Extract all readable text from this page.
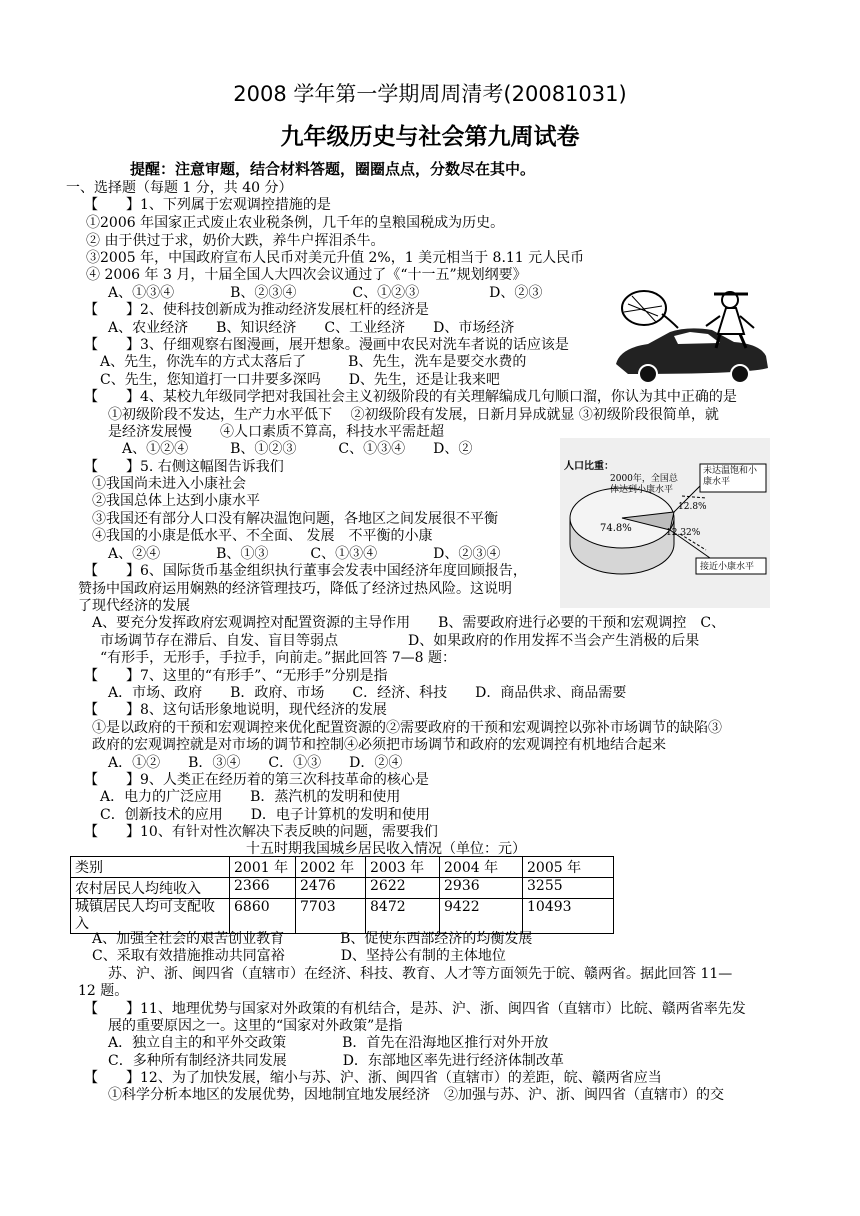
2008 学年第一学期周周清考(20081031)
九年级历史与社会第九周试卷
提醒：注意审题，结合材料答题，圈圈点点，分数尽在其中。
一、选择题（每题 1 分，共 40 分）
【　　】1、下列属于宏观调控措施的是
①2006 年国家正式废止农业税条例，几千年的皇粮国税成为历史。
② 由于供过于求，奶价大跌，养牛户挥泪杀牛。
③2005 年，中国政府宣布人民币对美元升值 2%，1 美元相当于 8.11 元人民币
④ 2006 年 3 月，十届全国人大四次会议通过了《“十一五”规划纲要》
A、①③④　　　　B、②③④　　　　C、①②③　　　　　D、②③
【　　】2、使科技创新成为推动经济发展杠杆的经济是
A、农业经济　　B、知识经济　　C、工业经济　　D、市场经济
【　　】3、仔细观察右图漫画，展开想象。漫画中农民对洗车者说的话应该是
A、先生，你洗车的方式太落后了　　　B、先生，洗车是要交水费的
C、先生，您知道打一口井要多深吗　　D、先生，还是让我来吧
【　　】4、某校九年级同学把对我国社会主义初级阶段的有关理解编成几句顺口溜，你认为其中正确的是
①初级阶段不发达，生产力水平低下　 ②初级阶段有发展，日新月异成就显 ③初级阶段很简单，就
是经济发展慢　　④人口素质不算高，科技水平需赶超
A、①②④　　　B、①②③　　　C、①③④　　D、②
【　　】5. 右侧这幅图告诉我们
①我国尚未进入小康社会
②我国总体上达到小康水平
③我国还有部分人口没有解决温饱问题，各地区之间发展很不平衡
④我国的小康是低水平、不全面、 发展　不平衡的小康
A、②④　　　　B、①③　　　C、①③④　　　　D、②③④
【　　】6、国际货币基金组织执行董事会发表中国经济年度回顾报告，
赞扬中国政府运用娴熟的经济管理技巧，降低了经济过热风险。这说明
了现代经济的发展
A、要充分发挥政府宏观调控对配置资源的主导作用　　B、需要政府进行必要的干预和宏观调控　C、
市场调节存在滞后、自发、盲目等弱点　　　　　D、如果政府的作用发挥不当会产生消极的后果
“有形手，无形手，手拉手，向前走。”据此回答 7—8 题：
【　　】7、这里的“有形手”、“无形手”分别是指
A．市场、政府　　B．政府、市场　　C．经济、科技　　D．商品供求、商品需要
【　　】8、这句话形象地说明，现代经济的发展
①是以政府的干预和宏观调控来优化配置资源的②需要政府的干预和宏观调控以弥补市场调节的缺陷③
政府的宏观调控就是对市场的调节和控制④必须把市场调节和政府的宏观调控有机地结合起来
A．①②　　B．③④　　C．①③　　D．②④
【　　】9、人类正在经历着的第三次科技革命的核心是
A．电力的广泛应用　　B．蒸汽机的发明和使用
C．创新技术的应用　　D．电子计算机的发明和使用
【　　】10、有针对性次解决下表反映的问题，需要我们
十五时期我国城乡居民收入情况（单位：元）
类别	2001 年	2002 年	2003 年	2004 年	2005 年
农村居民人均纯收入	2366	2476	2622	2936	3255
城镇居民人均可支配收入	6860	7703	8472	9422	10493
A、加强全社会的艰苦创业教育　　　　B、促使东西部经济的均衡发展
C、采取有效措施推动共同富裕　　　　D、坚持公有制的主体地位
苏、沪、浙、闽四省（直辖市）在经济、科技、教育、人才等方面领先于皖、赣两省。据此回答 11—
12 题。
【　　】11、地理优势与国家对外政策的有机结合，是苏、沪、浙、闽四省（直辖市）比皖、赣两省率先发
展的重要原因之一。这里的“国家对外政策”是指
A．独立自主的和平外交政策　　　　B．首先在沿海地区推行对外开放
C．多种所有制经济共同发展　　　　D．东部地区率先进行经济体制改革
【　　】12、为了加快发展，缩小与苏、沪、浙、闽四省（直辖市）的差距，皖、赣两省应当
①科学分析本地区的发展优势，因地制宜地发展经济　②加强与苏、沪、浙、闽四省（直辖市）的交
人口比重：
2000年，全国总体达到小康水平
未达温饱和小康水平
接近小康水平
74.8%
12.8%
12.32%
